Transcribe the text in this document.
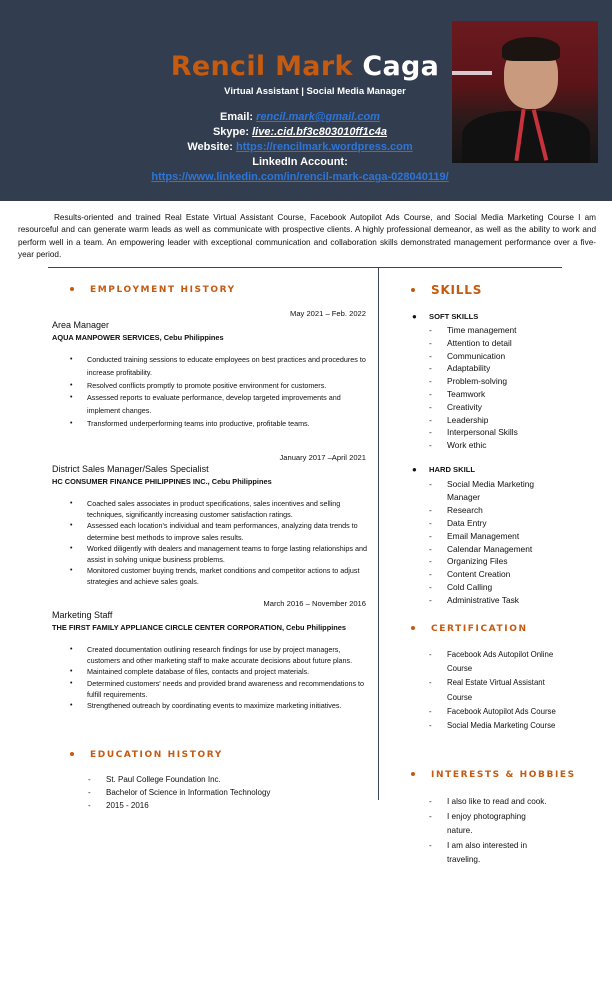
Rencil Mark Caga
Virtual Assistant | Social Media Manager
Email: rencil.mark@gmail.com
Skype: live:.cid.bf3c803010ff1c4a
Website: https://rencilmark.wordpress.com
LinkedIn Account:
https://www.linkedin.com/in/rencil-mark-caga-028040119/

Results-oriented and trained Real Estate Virtual Assistant Course, Facebook Autopilot Ads Course, and Social Media Marketing Course I am resourceful and can generate warm leads as well as communicate with prospective clients. A highly professional demeanor, as well as the ability to work and perform well in a team. An empowering leader with exceptional communication and collaboration skills demonstrated management performance over a five-year period.

EMPLOYMENT HISTORY
May 2021 – Feb. 2022
Area Manager
AQUA MANPOWER SERVICES, Cebu Philippines
• Conducted training sessions to educate employees on best practices and procedures to increase profitability.
• Resolved conflicts promptly to promote positive environment for customers.
• Assessed reports to evaluate performance, develop targeted improvements and implement changes.
• Transformed underperforming teams into productive, profitable teams.
January 2017 –April 2021
District Sales Manager/Sales Specialist
HC CONSUMER FINANCE PHILIPPINES INC., Cebu Philippines
• Coached sales associates in product specifications, sales incentives and selling techniques, significantly increasing customer satisfaction ratings.
• Assessed each location's individual and team performances, analyzing data trends to determine best methods to improve sales results.
• Worked diligently with dealers and management teams to forge lasting relationships and assist in solving unique business problems.
• Monitored customer buying trends, market conditions and competitor actions to adjust strategies and achieve sales goals.
March 2016 – November 2016
Marketing Staff
THE FIRST FAMILY APPLIANCE CIRCLE CENTER CORPORATION, Cebu Philippines
• Created documentation outlining research findings for use by project managers, customers and other marketing staff to make accurate decisions about future plans.
• Maintained complete database of files, contacts and project materials.
• Determined customers' needs and provided brand awareness and recommendations to fulfill requirements.
• Strengthened outreach by coordinating events to maximize marketing initiatives.
EDUCATION HISTORY
- St. Paul College Foundation Inc.
- Bachelor of Science in Information Technology
- 2015 - 2016
SKILLS
● SOFT SKILLS
- Time management
- Attention to detail
- Communication
- Adaptability
- Problem-solving
- Teamwork
- Creativity
- Leadership
- Interpersonal Skills
- Work ethic
● HARD SKILL
- Social Media Marketing Manager
- Research
- Data Entry
- Email Management
- Calendar Management
- Organizing Files
- Content Creation
- Cold Calling
- Administrative Task
CERTIFICATION
- Facebook Ads Autopilot Online Course
- Real Estate Virtual Assistant Course
- Facebook Autopilot Ads Course
- Social Media Marketing Course
INTERESTS & HOBBIES
- I also like to read and cook.
- I enjoy photographing nature.
- I am also interested in traveling.
